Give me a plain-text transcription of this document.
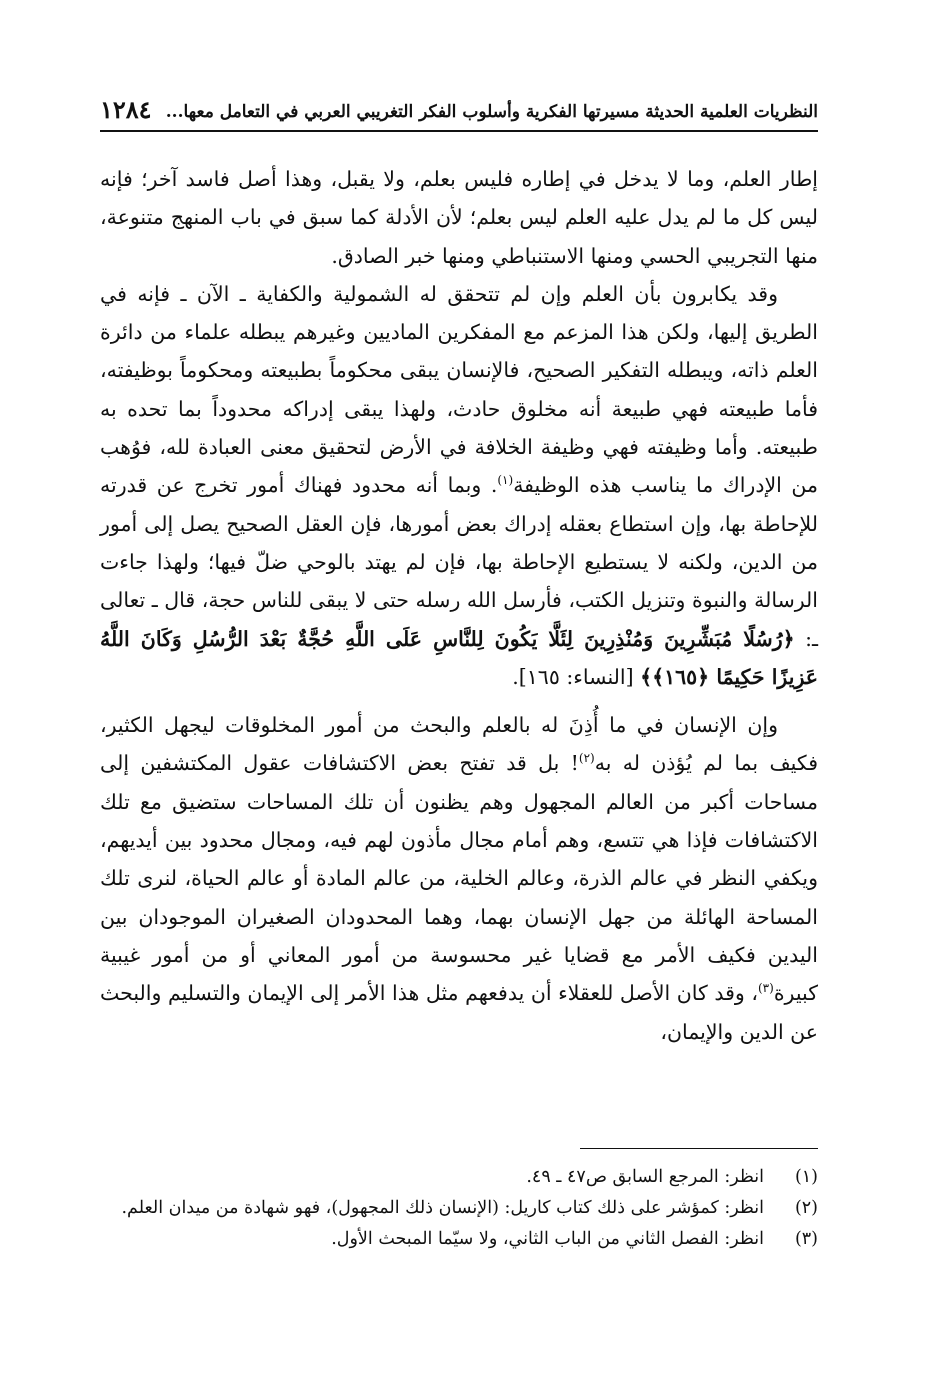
١٢٨٤ النظريات العلمية الحديثة مسيرتها الفكرية وأسلوب الفكر التغريبي العربي في التعامل معها...

إطار العلم، وما لا يدخل في إطاره فليس بعلم، ولا يقبل، وهذا أصل فاسد آخر؛ فإنه ليس كل ما لم يدل عليه العلم ليس بعلم؛ لأن الأدلة كما سبق في باب المنهج متنوعة، منها التجريبي الحسي ومنها الاستنباطي ومنها خبر الصادق.

وقد يكابرون بأن العلم وإن لم تتحقق له الشمولية والكفاية ـ الآن ـ فإنه في الطريق إليها، ولكن هذا المزعم مع المفكرين الماديين وغيرهم يبطله علماء من دائرة العلم ذاته، ويبطله التفكير الصحيح، فالإنسان يبقى محكوماً بطبيعته ومحكوماً بوظيفته، فأما طبيعته فهي طبيعة أنه مخلوق حادث، ولهذا يبقى إدراكه محدوداً بما تحده به طبيعته. وأما وظيفته فهي وظيفة الخلافة في الأرض لتحقيق معنى العبادة لله، فوُهب من الإدراك ما يناسب هذه الوظيفة$^{(١)}$. وبما أنه محدود فهناك أمور تخرج عن قدرته للإحاطة بها، وإن استطاع بعقله إدراك بعض أمورها، فإن العقل الصحيح يصل إلى أمور من الدين، ولكنه لا يستطيع الإحاطة بها، فإن لم يهتد بالوحي ضلّ فيها؛ ولهذا جاءت الرسالة والنبوة وتنزيل الكتب، فأرسل الله رسله حتى لا يبقى للناس حجة، قال ـ تعالى ـ: ﴿رُسُلًا مُبَشِّرِينَ وَمُنْذِرِينَ لِئَلَّا يَكُونَ لِلنَّاسِ عَلَى اللَّهِ حُجَّةٌ بَعْدَ الرُّسُلِ وَكَانَ اللَّهُ عَزِيزًا حَكِيمًا ﴿١٦٥﴾﴾ [النساء: ١٦٥].

وإن الإنسان في ما أُذِنَ له بالعلم والبحث من أمور المخلوقات ليجهل الكثير، فكيف بما لم يُؤذن له به$^{(٢)}$! بل قد تفتح بعض الاكتشافات عقول المكتشفين إلى مساحات أكبر من العالم المجهول وهم يظنون أن تلك المساحات ستضيق مع تلك الاكتشافات فإذا هي تتسع، وهم أمام مجال مأذون لهم فيه، ومجال محدود بين أيديهم، ويكفي النظر في عالم الذرة، وعالم الخلية، من عالم المادة أو عالم الحياة، لنرى تلك المساحة الهائلة من جهل الإنسان بهما، وهما المحدودان الصغيران الموجودان بين اليدين فكيف الأمر مع قضايا غير محسوسة من أمور المعاني أو من أمور غيبية كبيرة$^{(٣)}$، وقد كان الأصل للعقلاء أن يدفعهم مثل هذا الأمر إلى الإيمان والتسليم والبحث عن الدين والإيمان،

(١)
انظر: المرجع السابق ص٤٧ ـ ٤٩.
(٢)
انظر: كمؤشر على ذلك كتاب كاريل: (الإنسان ذلك المجهول)، فهو شهادة من ميدان العلم.
(٣)
انظر: الفصل الثاني من الباب الثاني، ولا سيّما المبحث الأول.
